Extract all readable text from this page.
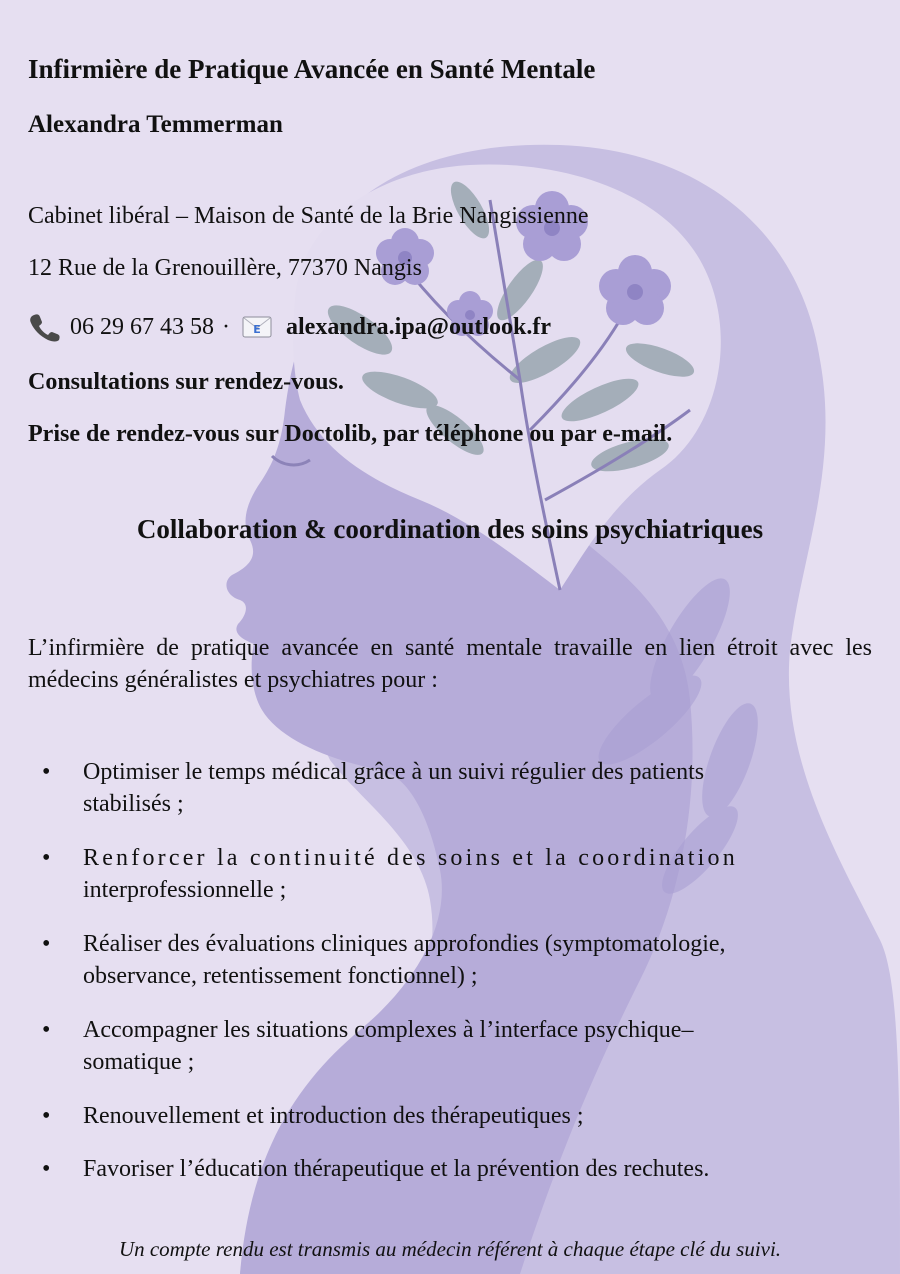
Infirmière de Pratique Avancée en Santé Mentale

Alexandra Temmerman

Cabinet libéral – Maison de Santé de la Brie Nangissienne

12 Rue de la Grenouillère, 77370 Nangis

06 29 67 43 58 · E alexandra.ipa@outlook.fr

Consultations sur rendez-vous.

Prise de rendez-vous sur Doctolib, par téléphone ou par e-mail.

Collaboration & coordination des soins psychiatriques

L’infirmière de pratique avancée en santé mentale travaille en lien étroit avec les médecins généralistes et psychiatres pour :

• Optimiser le temps médical grâce à un suivi régulier des patients
stabilisés ;
• Renforcer la continuité des soins et la coordination
interprofessionnelle ;
• Réaliser des évaluations cliniques approfondies (symptomatologie,
observance, retentissement fonctionnel) ;
• Accompagner les situations complexes à l’interface psychique–
somatique ;
• Renouvellement et introduction des thérapeutiques ;
• Favoriser l’éducation thérapeutique et la prévention des rechutes.

Un compte rendu est transmis au médecin référent à chaque étape clé du suivi.
